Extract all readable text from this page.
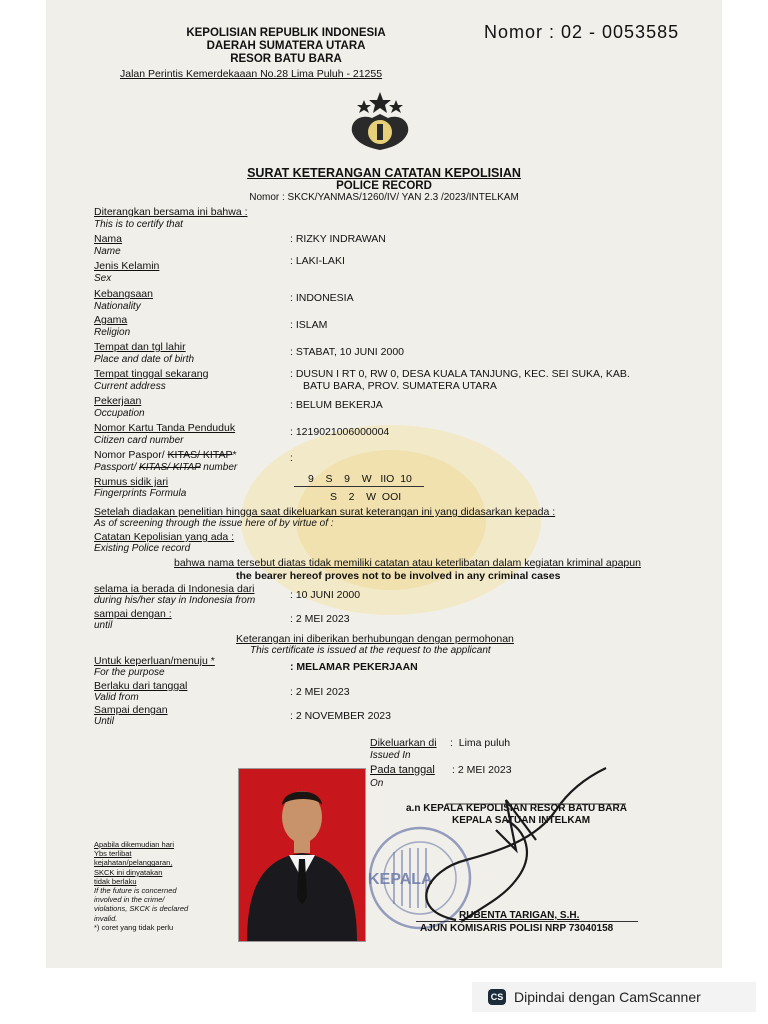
KEPOLISIAN REPUBLIK INDONESIA
DAERAH SUMATERA UTARA
RESOR BATU BARA
Jalan Perintis Kemerdekaaan No.28 Lima Puluh - 21255
Nomor : 02 - 0053585
SURAT KETERANGAN CATATAN KEPOLISIAN
POLICE RECORD
Nomor : SKCK/YANMAS/1260/IV/ YAN 2.3 /2023/INTELKAM
Diterangkan bersama ini bahwa :
This is to certify that
Nama
Name
: RIZKY INDRAWAN
Jenis Kelamin
Sex
: LAKI-LAKI
Kebangsaan
Nationality
: INDONESIA
Agama
Religion
: ISLAM
Tempat dan tgl lahir
Place and date of birth
: STABAT, 10 JUNI 2000
Tempat tinggal sekarang
Current address
: DUSUN I RT 0, RW 0, DESA KUALA TANJUNG, KEC. SEI SUKA, KAB.
BATU BARA, PROV. SUMATERA UTARA
Pekerjaan
Occupation
: BELUM BEKERJA
Nomor Kartu Tanda Penduduk
Citizen card number
: 1219021006000004
Nomor Paspor/ KITAS/ KITAP*
Passport/ KITAS/ KITAP number
:
Rumus sidik jari
Fingerprints Formula
9    S    9    W   IIO  10
S    2    W  OOI
Setelah diadakan penelitian hingga saat dikeluarkan surat keterangan ini yang didasarkan kepada :
As of screening through the issue here of by virtue of :
Catatan Kepolisian yang ada :
Existing Police record
bahwa nama tersebut diatas tidak memiliki catatan atau keterlibatan dalam kegiatan kriminal apapun
the bearer hereof proves not to be involved in any criminal cases
selama ia berada di Indonesia dari
during his/her stay in Indonesia from	: 10 JUNI 2000
sampai dengan :
until
: 2 MEI 2023
Keterangan ini diberikan berhubungan dengan permohonan
This certificate is issued at the request to the applicant
Untuk keperluan/menuju *
For the purpose	: MELAMAR PEKERJAAN
Berlaku dari tanggal
Valid from	: 2 MEI 2023
Sampai dengan
Until	: 2 NOVEMBER 2023
Dikeluarkan di
Issued In
:  Lima puluh
Pada tanggal
On
: 2 MEI 2023
a.n KEPALA KEPOLISIAN RESOR BATU BARA
KEPALA SATUAN INTELKAM
KEPALA
RUBENTA TARIGAN, S.H.
AJUN KOMISARIS POLISI NRP 73040158
Apabila dikemudian hari
Ybs terlibat
kejahatan/pelanggaran,
SKCK ini dinyatakan
tidak berlaku
If the future is concerned
involved in the crime/
violations, SKCK is declared
invalid.
*) coret yang tidak perlu
CS Dipindai dengan CamScanner
